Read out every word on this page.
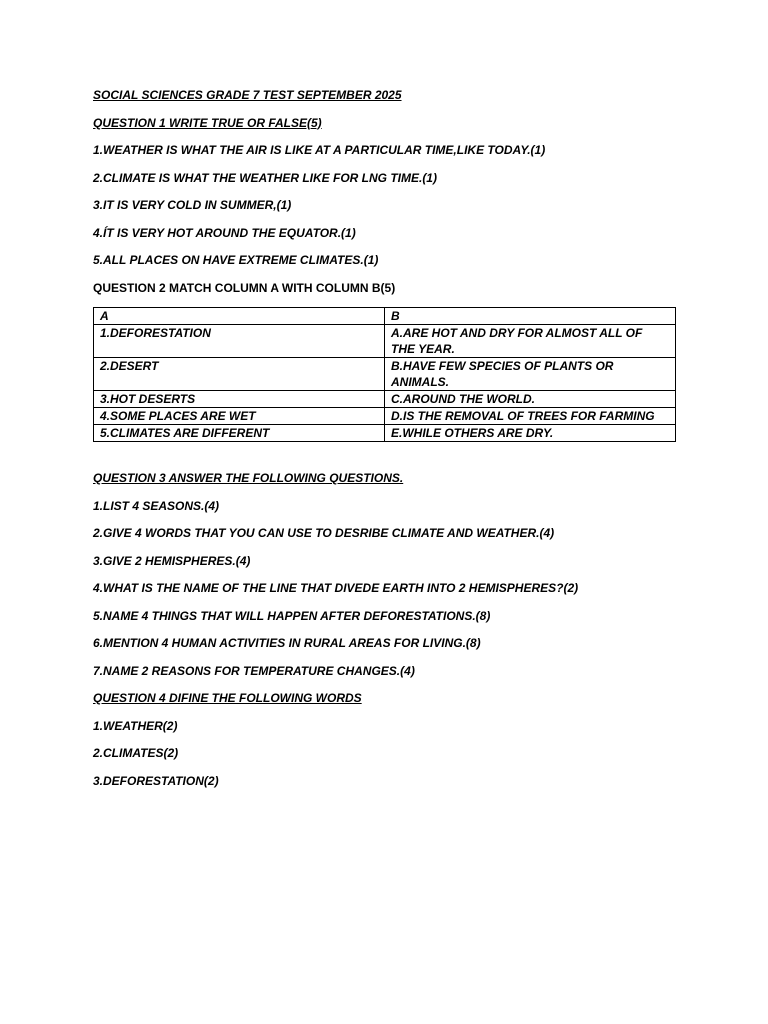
SOCIAL SCIENCES GRADE 7 TEST SEPTEMBER 2025
QUESTION 1 WRITE TRUE OR FALSE(5)
1.WEATHER IS WHAT THE AIR IS LIKE AT A PARTICULAR TIME,LIKE TODAY.(1)
2.CLIMATE IS WHAT THE WEATHER LIKE FOR LNG TIME.(1)
3.IT IS VERY COLD IN SUMMER,(1)
4.ÍT IS VERY HOT AROUND THE EQUATOR.(1)
5.ALL PLACES ON HAVE EXTREME CLIMATES.(1)
QUESTION 2 MATCH COLUMN A WITH COLUMN B(5)
A	B
1.DEFORESTATION	A.ARE HOT AND DRY FOR ALMOST ALL OF THE YEAR.
2.DESERT	B.HAVE FEW SPECIES OF PLANTS OR ANIMALS.
3.HOT DESERTS	C.AROUND THE WORLD.
4.SOME PLACES ARE WET	D.IS THE REMOVAL OF TREES FOR FARMING
5.CLIMATES ARE DIFFERENT	E.WHILE OTHERS ARE DRY.
QUESTION 3 ANSWER THE FOLLOWING QUESTIONS.
1.LIST 4 SEASONS.(4)
2.GIVE 4 WORDS THAT YOU CAN USE TO DESRIBE CLIMATE AND WEATHER.(4)
3.GIVE 2 HEMISPHERES.(4)
4.WHAT IS THE NAME OF THE LINE THAT DIVEDE EARTH INTO 2 HEMISPHERES?(2)
5.NAME 4 THINGS THAT WILL HAPPEN AFTER DEFORESTATIONS.(8)
6.MENTION 4 HUMAN ACTIVITIES IN RURAL AREAS FOR LIVING.(8)
7.NAME 2 REASONS FOR TEMPERATURE CHANGES.(4)
QUESTION 4 DIFINE THE FOLLOWING WORDS
1.WEATHER(2)
2.CLIMATES(2)
3.DEFORESTATION(2)
